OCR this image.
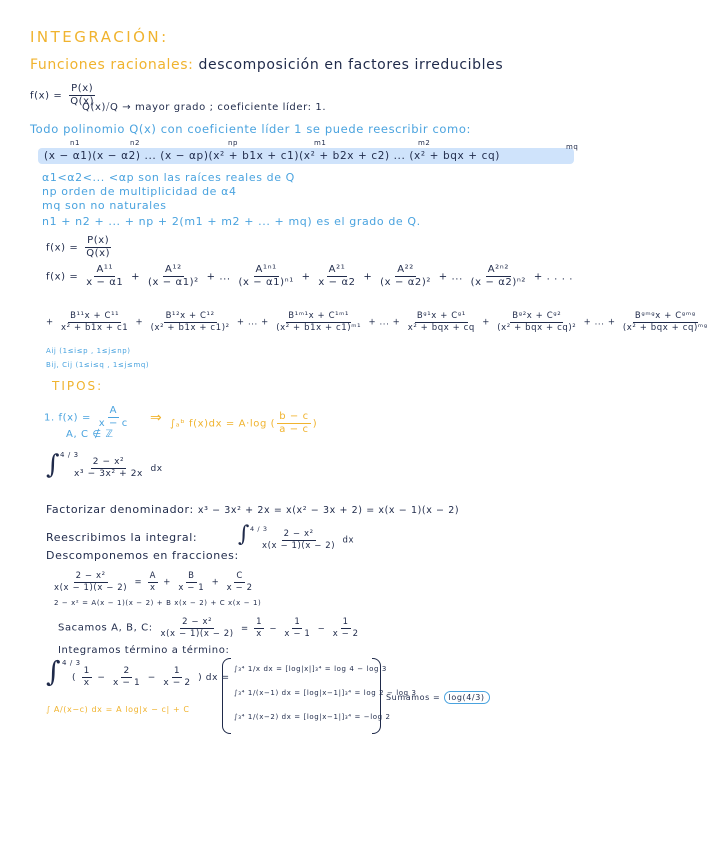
INTEGRACIÓN:
Funciones racionales: descomposición en factores irreducibles
$f(x) = \frac{P(x)}{Q(x)}$
Q(x)⧸Q → mayor grado ; coeficiente líder: 1.
Todo polinomio Q(x) con coeficiente líder 1 se puede reescribir como:
n1	n2	np	m1	m2	mq
(x − α1)(x − α2) ... (x − αp)(x² + b1x + c1)(x² + b2x + c2) ... (x² + bqx + cq)
α1<α2<... <αp son las raíces reales de Q
np orden de multiplicidad de α4
mq son no naturales
n1 + n2 + ... + np + 2(m1 + m2 + ... + mq) es el grado de Q.
$f(x) = \frac{P(x)}{Q(x)}$
$f(x) = \frac{\text{A¹¹}}{x - \alpha 1} + \frac{\text{A¹²}}{\text{(x − α1)²}}$ + ... $\frac{\text{A¹ⁿ¹}}{\text{(x − α1)ⁿ¹}} + \frac{\text{A²¹}}{x - \alpha 2} + \frac{\text{A²²}}{\text{(x − α2)²}}$ + ... $\frac{\text{A²ⁿ²}}{\text{(x − α2)ⁿ²}}$ + . . . .
+ $\frac{\text{B¹¹x + C¹¹}}{\text{x² + b1x + c1}} + \frac{\text{B¹²x + C¹²}}{\text{(x² + b1x + c1)²}}$ + ... + $\frac{\text{B¹ᵐ¹x + C¹ᵐ¹}}{\text{(x² + b1x + c1)ᵐ¹}}$ + ... + $\frac{\text{Bᵍ¹x + Cᵍ¹}}{\text{x² + bqx + cq}} + \frac{\text{Bᵍ²x + Cᵍ²}}{\text{(x² + bqx + cq)²}}$ + ... + $\frac{\text{Bᵍᵐᵍx + Cᵍᵐᵍ}}{\text{(x² + bqx + cq)ᵐᵍ}}$
Aij (1≤i≤p , 1≤j≤np)
Bij, Cij (1≤i≤q , 1≤j≤mq)
TIPOS:
1. $f(x) = \frac{A}{x - c}$
A, C ∉ ℤ
⇒ ∫ₐᵇ f(x)dx = A·log ( $\frac{b - c}{a - c}$ )
∫ 4 / 3
$\frac{\text{2 − x²}}{\text{x³ − 3x² + 2x}}$ dx
Factorizar denominador: x³ − 3x² + 2x = x(x² − 3x + 2) = x(x − 1)(x − 2)
Reescribimos la integral: ∫ 4 / 3
$\frac{\text{2 − x²}}{x(x - 1)(x - 2)}$ dx
Descomponemos en fracciones:
$\frac{\text{2 − x²}}{x(x - 1)(x - 2)} = \frac{A}{x} + \frac{B}{x - 1} + \frac{C}{x - 2}$
2 − x² = A(x − 1)(x − 2) + B x(x − 2) + C x(x − 1)
Sacamos A, B, C: $\frac{\text{2 − x²}}{x(x - 1)(x - 2)} = \frac{1}{x} - \frac{1}{x - 1} - \frac{1}{x - 2}$
Integramos término a término:
∫ 4 / 3
( $\frac{1}{x} - \frac{2}{x - 1} - \frac{1}{x - 2}$ ) dx =
∫₃⁴ 1/x dx = [log|x|]₃⁴ = log 4 − log 3
∫₃⁴ 1/(x−1) dx = [log|x−1|]₃⁴ = log 2 − log 3
∫₃⁴ 1/(x−2) dx = [log|x−1|]₃⁴ = −log 2
Sumamos = log(4/3)
∫ A/(x−c) dx = A log|x − c| + C
